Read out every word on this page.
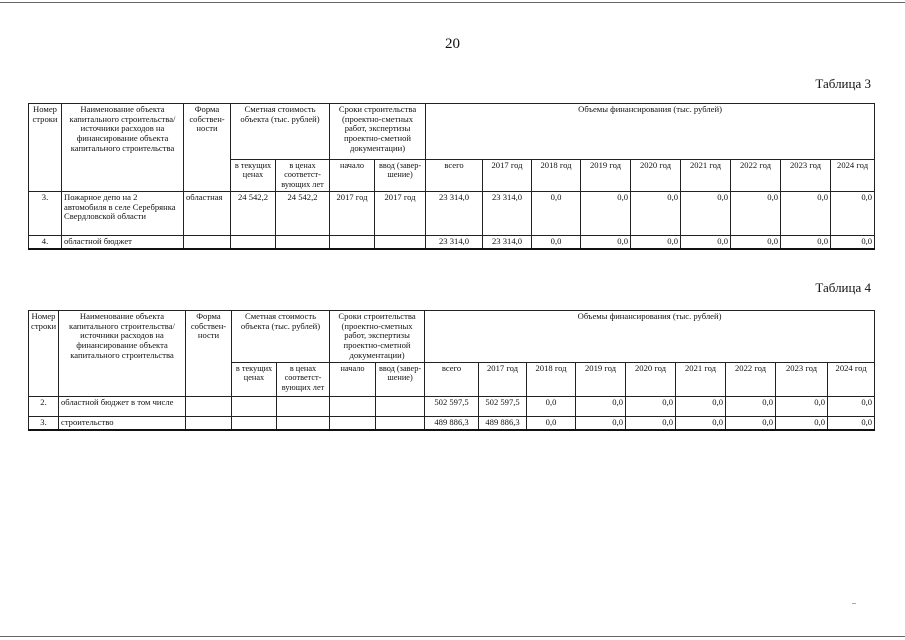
20
Таблица 3
Номер строки	Наименование объекта капитального строительства/ источники расходов на финансирование объекта капитального строительства	Форма собствен- ности	Сметная стоимость объекта (тыс. рублей)		Сроки строительства (проектно-сметных работ, экспертизы проектно-сметной документации)		Объемы финансирования (тыс. рублей)								
			в текущих ценах	в ценах соответст- вующих лет	начало	ввод (завер- шение)	всего	2017 год	2018 год	2019 год	2020 год	2021 год	2022 год	2023 год	2024 год
3.	Пожарное депо на 2 автомобиля в селе Серебрянка Свердловской области	областная	24 542,2	24 542,2	2017 год	2017 год	23 314,0	23 314,0	0,0	0,0	0,0	0,0	0,0	0,0	0,0
4.	областной бюджет						23 314,0	23 314,0	0,0	0,0	0,0	0,0	0,0	0,0	0,0
Таблица 4
Номер строки	Наименование объекта капитального строительства/ источники расходов на финансирование объекта капитального строительства	Форма собствен- ности	Сметная стоимость объекта (тыс. рублей)		Сроки строительства (проектно-сметных работ, экспертизы проектно-сметной документации)		Объемы финансирования (тыс. рублей)								
			в текущих ценах	в ценах соответст- вующих лет	начало	ввод (завер- шение)	всего	2017 год	2018 год	2019 год	2020 год	2021 год	2022 год	2023 год	2024 год
2.	областной бюджет в том числе						502 597,5	502 597,5	0,0	0,0	0,0	0,0	0,0	0,0	0,0
3.	строительство						489 886,3	489 886,3	0,0	0,0	0,0	0,0	0,0	0,0	0,0
